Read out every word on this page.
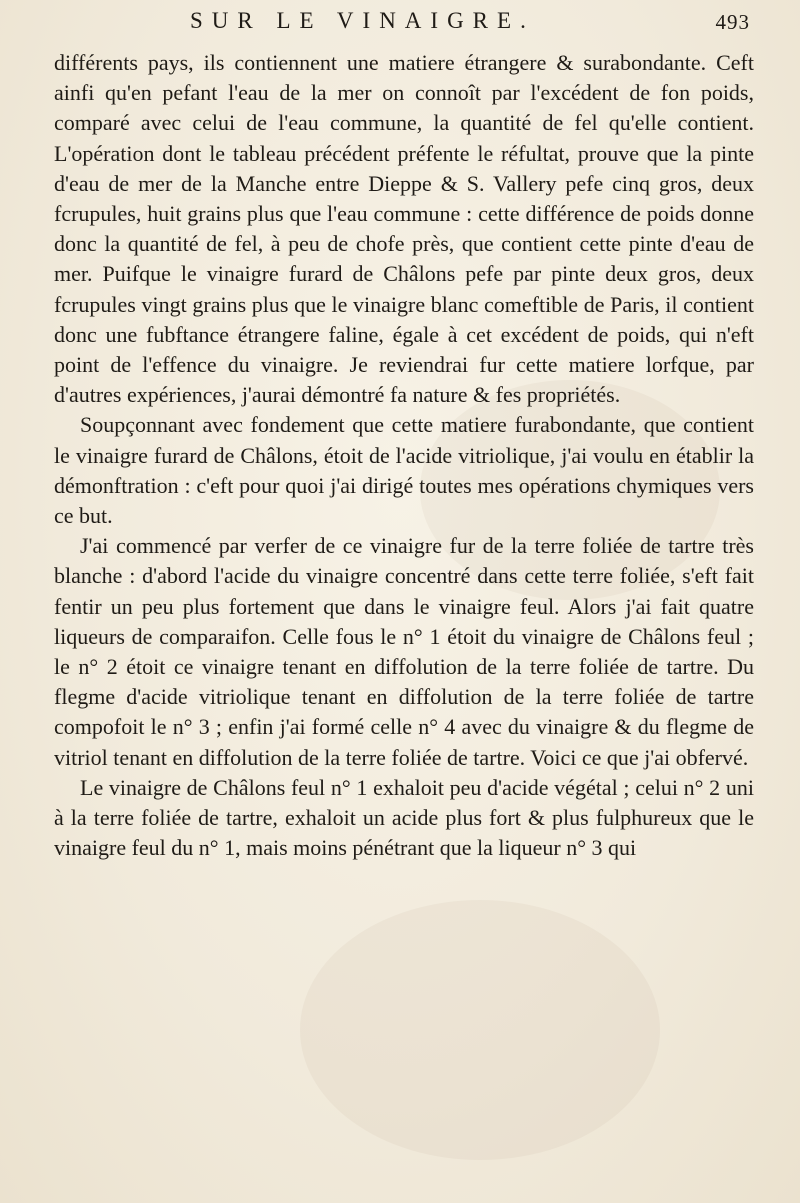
SUR LE VINAIGRE.	493

différents pays, ils contiennent une matiere étrangere & surabondante. Ceft ainfi qu'en pefant l'eau de la mer on connoît par l'excédent de fon poids, comparé avec celui de l'eau commune, la quantité de fel qu'elle contient. L'opération dont le tableau précédent préfente le réfultat, prouve que la pinte d'eau de mer de la Manche entre Dieppe & S. Vallery pefe cinq gros, deux fcrupules, huit grains plus que l'eau commune : cette différence de poids donne donc la quantité de fel, à peu de chofe près, que contient cette pinte d'eau de mer. Puifque le vinaigre furard de Châlons pefe par pinte deux gros, deux fcrupules vingt grains plus que le vinaigre blanc comeftible de Paris, il contient donc une fubftance étrangere faline, égale à cet excédent de poids, qui n'eft point de l'effence du vinaigre. Je reviendrai fur cette matiere lorfque, par d'autres expériences, j'aurai démontré fa nature & fes propriétés.

Soupçonnant avec fondement que cette matiere furabondante, que contient le vinaigre furard de Châlons, étoit de l'acide vitriolique, j'ai voulu en établir la démonftration : c'eft pour quoi j'ai dirigé toutes mes opérations chymiques vers ce but.

J'ai commencé par verfer de ce vinaigre fur de la terre foliée de tartre très blanche : d'abord l'acide du vinaigre concentré dans cette terre foliée, s'eft fait fentir un peu plus fortement que dans le vinaigre feul. Alors j'ai fait quatre liqueurs de comparaifon. Celle fous le n° 1 étoit du vinaigre de Châlons feul ; le n° 2 étoit ce vinaigre tenant en diffolution de la terre foliée de tartre. Du flegme d'acide vitriolique tenant en diffolution de la terre foliée de tartre compofoit le n° 3 ; enfin j'ai formé celle n° 4 avec du vinaigre & du flegme de vitriol tenant en diffolution de la terre foliée de tartre. Voici ce que j'ai obfervé.

Le vinaigre de Châlons feul n° 1 exhaloit peu d'acide végétal ; celui n° 2 uni à la terre foliée de tartre, exhaloit un acide plus fort & plus fulphureux que le vinaigre feul du n° 1, mais moins pénétrant que la liqueur n° 3 qui
